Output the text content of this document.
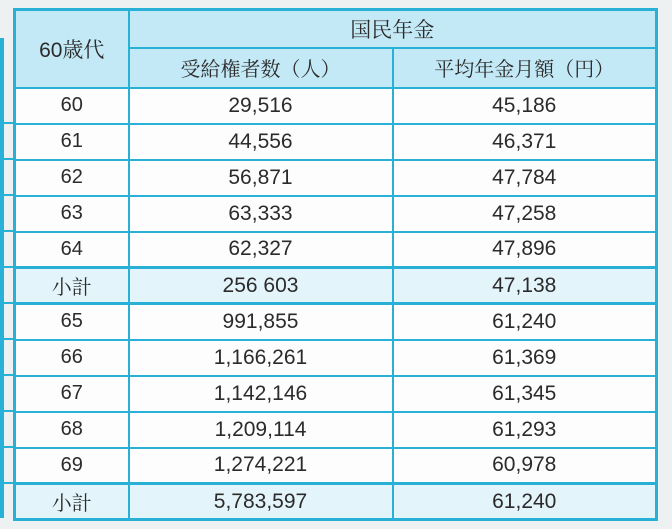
60歳代	国民年金	
	受給権者数（人）	平均年金月額（円）
60	29,516	45,186
61	44,556	46,371
62	56,871	47,784
63	63,333	47,258
64	62,327	47,896
小計	256 603	47,138
65	991,855	61,240
66	1,166,261	61,369
67	1,142,146	61,345
68	1,209,114	61,293
69	1,274,221	60,978
小計	5,783,597	61,240
